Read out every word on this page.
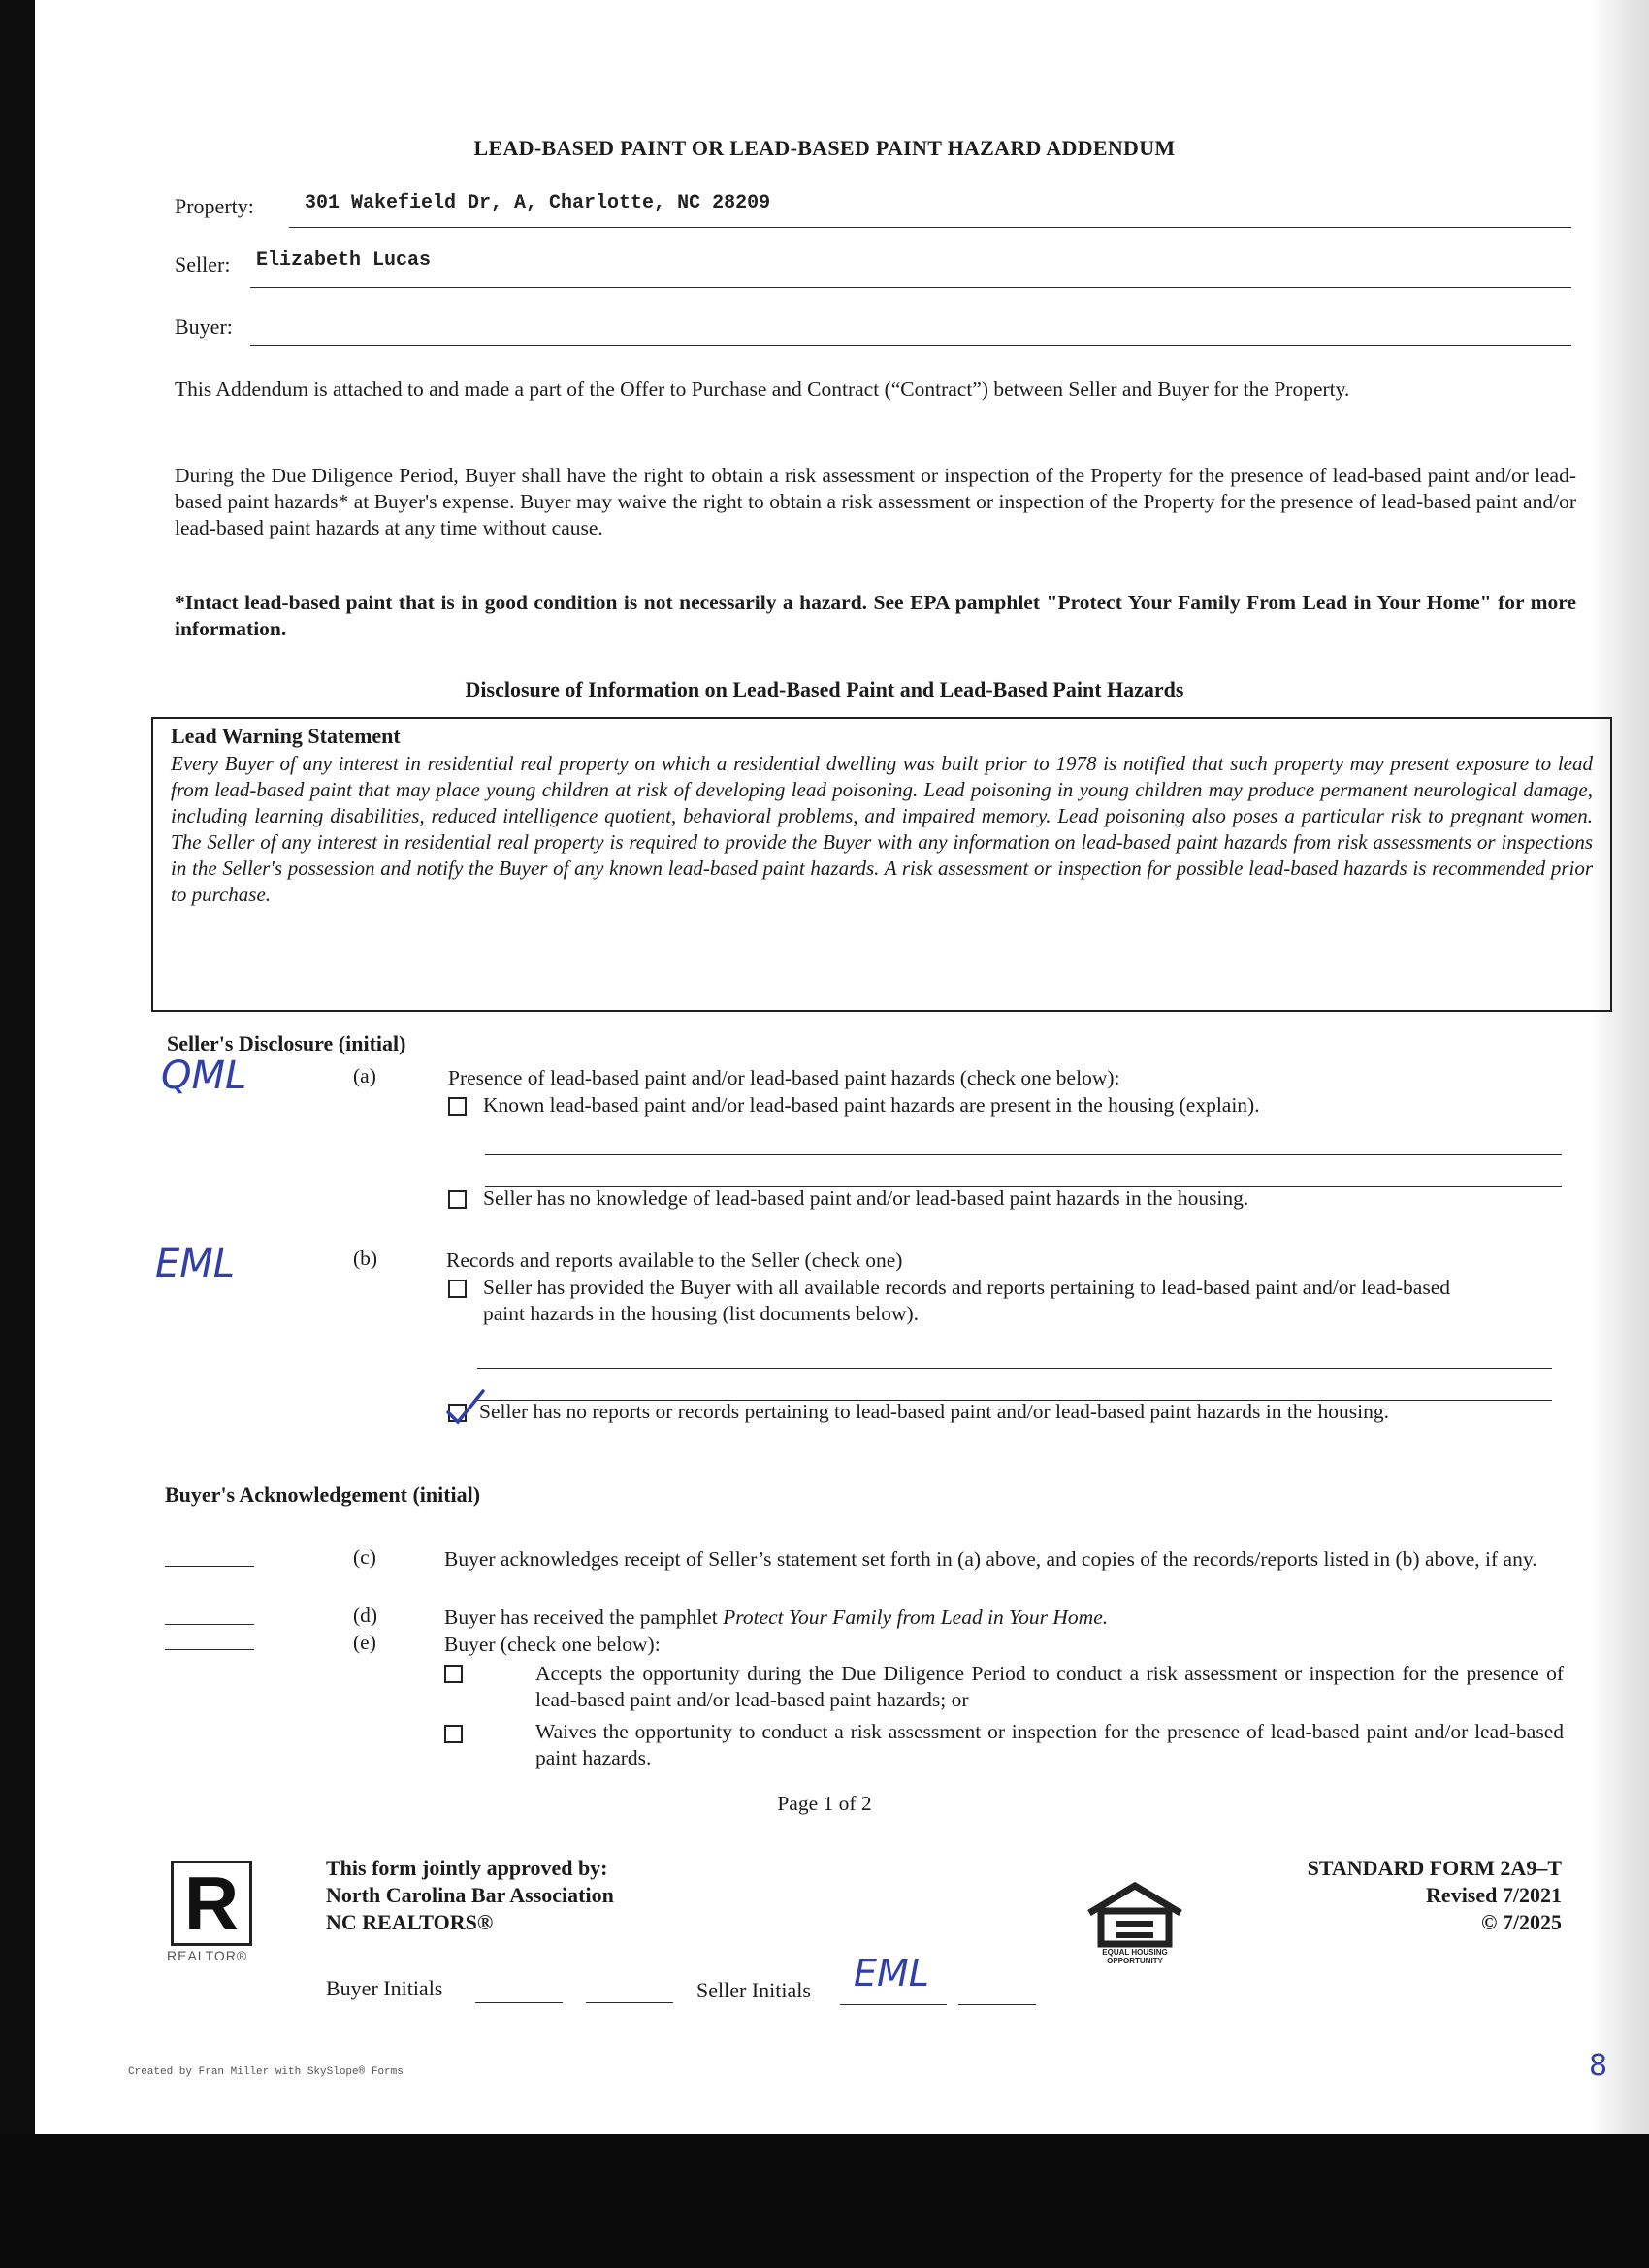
LEAD-BASED PAINT OR LEAD-BASED PAINT HAZARD ADDENDUM
Property:	301 Wakefield Dr, A, Charlotte, NC 28209
Seller: Elizabeth Lucas
Buyer:
This Addendum is attached to and made a part of the Offer to Purchase and Contract (“Contract”) between Seller and Buyer for the Property.
During the Due Diligence Period, Buyer shall have the right to obtain a risk assessment or inspection of the Property for the presence of lead-based paint and/or lead-based paint hazards* at Buyer's expense. Buyer may waive the right to obtain a risk assessment or inspection of the Property for the presence of lead-based paint and/or lead-based paint hazards at any time without cause.
*Intact lead-based paint that is in good condition is not necessarily a hazard. See EPA pamphlet "Protect Your Family From Lead in Your Home" for more information.
Disclosure of Information on Lead-Based Paint and Lead-Based Paint Hazards
Lead Warning Statement
Every Buyer of any interest in residential real property on which a residential dwelling was built prior to 1978 is notified that such property may present exposure to lead from lead-based paint that may place young children at risk of developing lead poisoning. Lead poisoning in young children may produce permanent neurological damage, including learning disabilities, reduced intelligence quotient, behavioral problems, and impaired memory. Lead poisoning also poses a particular risk to pregnant women. The Seller of any interest in residential real property is required to provide the Buyer with any information on lead-based paint hazards from risk assessments or inspections in the Seller's possession and notify the Buyer of any known lead-based paint hazards. A risk assessment or inspection for possible lead-based hazards is recommended prior to purchase.
Seller's Disclosure (initial)
QML	(a)	Presence of lead-based paint and/or lead-based paint hazards (check one below):
Known lead-based paint and/or lead-based paint hazards are present in the housing (explain).
Seller has no knowledge of lead-based paint and/or lead-based paint hazards in the housing.
EML	(b)	Records and reports available to the Seller (check one)
Seller has provided the Buyer with all available records and reports pertaining to lead-based paint and/or lead-based paint hazards in the housing (list documents below).
Seller has no reports or records pertaining to lead-based paint and/or lead-based paint hazards in the housing.
Buyer's Acknowledgement (initial)
(c)	Buyer acknowledges receipt of Seller’s statement set forth in (a) above, and copies of the records/reports listed in (b) above, if any.
(d)	Buyer has received the pamphlet Protect Your Family from Lead in Your Home.
(e)	Buyer (check one below):
Accepts the opportunity during the Due Diligence Period to conduct a risk assessment or inspection for the presence of lead-based paint and/or lead-based paint hazards; or
Waives the opportunity to conduct a risk assessment or inspection for the presence of lead-based paint and/or lead-based paint hazards.
Page 1 of 2
R
REALTOR®
This form jointly approved by:
North Carolina Bar Association
NC REALTORS®
EQUAL HOUSING OPPORTUNITY
STANDARD FORM 2A9–T
Revised 7/2021
© 7/2025
Buyer Initials	Seller Initials EML
Created by Fran Miller with SkySlope® Forms	8
